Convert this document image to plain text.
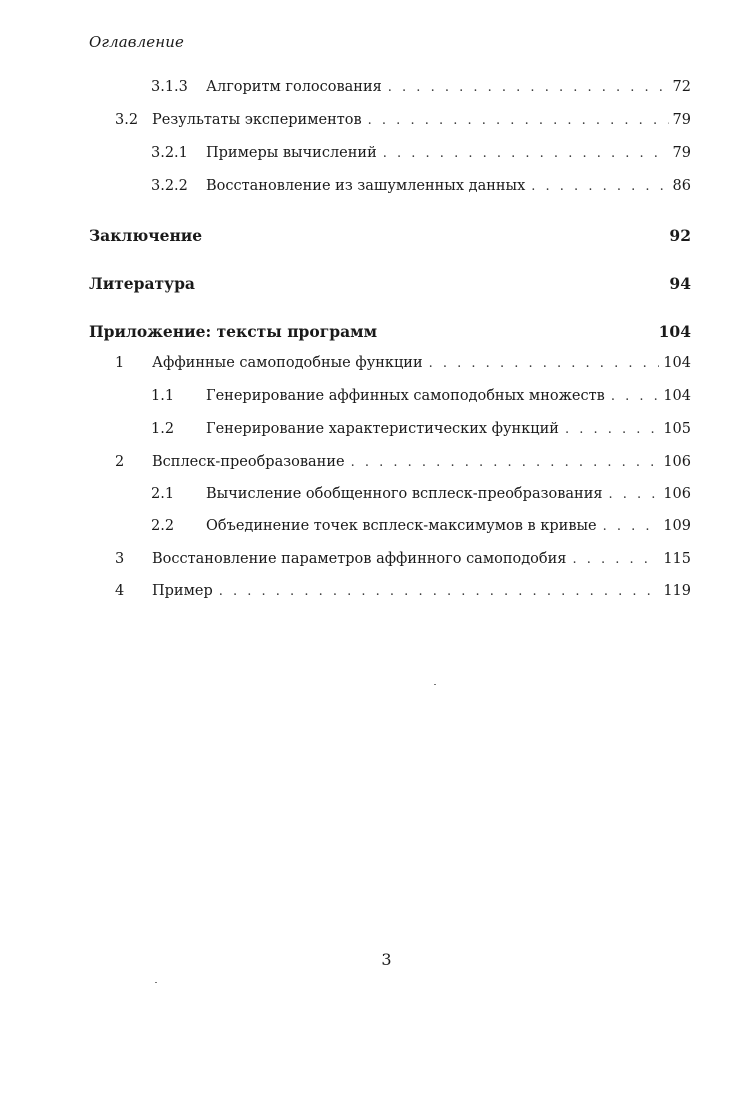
Оглавление
3.1.3	Алгоритм голосования . . .	72
3.2 Результаты экспериментов . . .	79
3.2.1	Примеры вычислений . . .	79
3.2.2	Восстановление из зашумленных данных . . .	86
Заключение	92
Литература	94
Приложение: тексты программ	104
1	Аффинные самоподобные функции . . .	104
1.1	Генерирование аффинных самоподобных множеств . . .	104
1.2	Генерирование характеристических функций . . .	105
2	Всплеск-преобразование . . .	106
2.1	Вычисление обобщенного всплеск-преобразования . . .	106
2.2	Объединение точек всплеск-максимумов в кривые . . .	109
3	Восстановление параметров аффинного самоподобия . . .	115
4	Пример . . .	119
3
